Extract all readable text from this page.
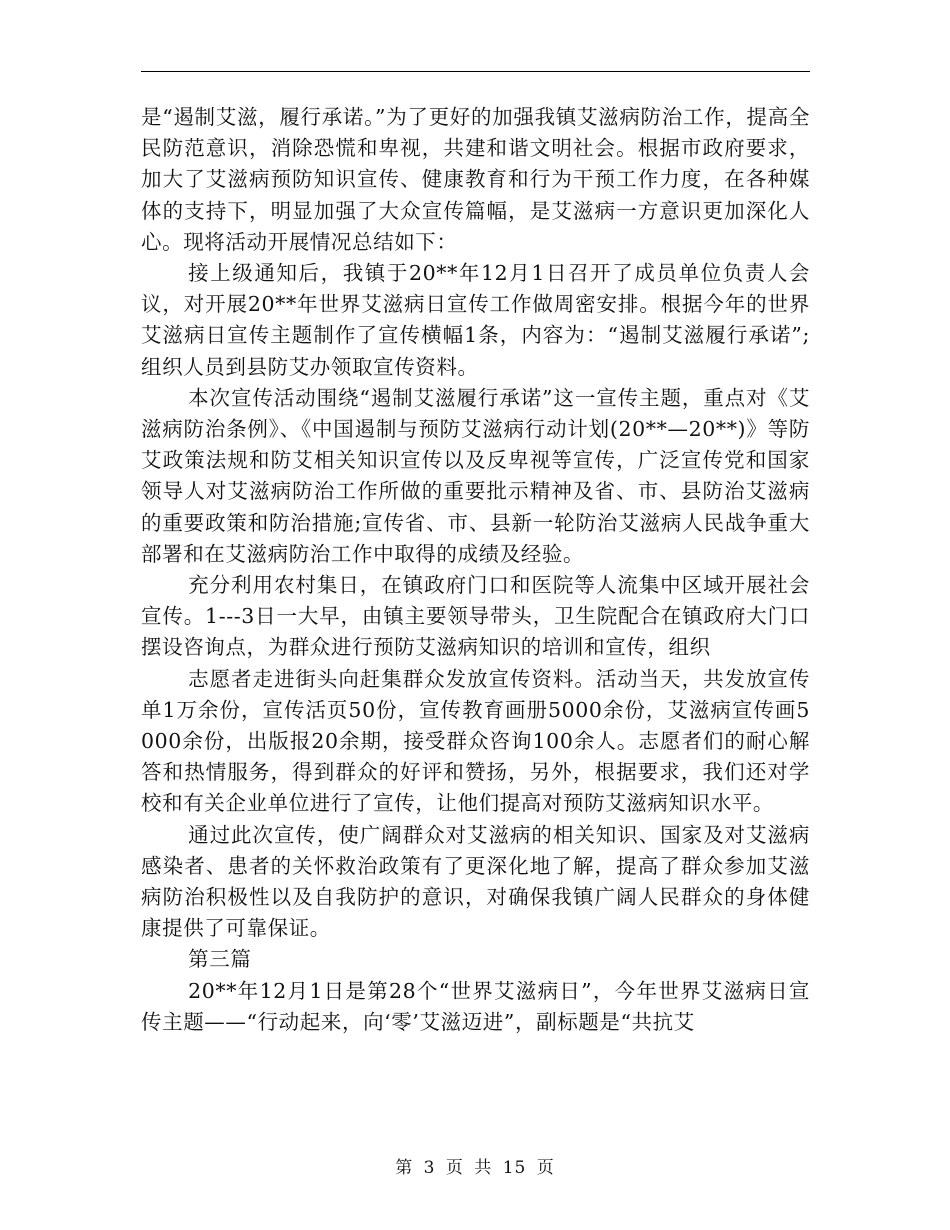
是“遏制艾滋，履行承诺。”为了更好的加强我镇艾滋病防治工作，提高全民防范意识，消除恐慌和卑视，共建和谐文明社会。根据市政府要求，加大了艾滋病预防知识宣传、健康教育和行为干预工作力度，在各种媒体的支持下，明显加强了大众宣传篇幅，是艾滋病一方意识更加深化人心。现将活动开展情况总结如下：

接上级通知后，我镇于20**年12月1日召开了成员单位负责人会议，对开展20**年世界艾滋病日宣传工作做周密安排。根据今年的世界艾滋病日宣传主题制作了宣传横幅1条，内容为：“遏制艾滋履行承诺”;组织人员到县防艾办领取宣传资料。

本次宣传活动围绕“遏制艾滋履行承诺”这一宣传主题，重点对《艾滋病防治条例》、《中国遏制与预防艾滋病行动计划(20**—20**)》等防艾政策法规和防艾相关知识宣传以及反卑视等宣传，广泛宣传党和国家领导人对艾滋病防治工作所做的重要批示精神及省、市、县防治艾滋病的重要政策和防治措施;宣传省、市、县新一轮防治艾滋病人民战争重大部署和在艾滋病防治工作中取得的成绩及经验。

充分利用农村集日，在镇政府门口和医院等人流集中区域开展社会宣传。1---3日一大早，由镇主要领导带头，卫生院配合在镇政府大门口摆设咨询点，为群众进行预防艾滋病知识的培训和宣传，组织

志愿者走进街头向赶集群众发放宣传资料。活动当天，共发放宣传单1万余份，宣传活页50份，宣传教育画册5000余份，艾滋病宣传画5000余份，出版报20余期，接受群众咨询100余人。志愿者们的耐心解答和热情服务，得到群众的好评和赞扬，另外，根据要求，我们还对学校和有关企业单位进行了宣传，让他们提高对预防艾滋病知识水平。

通过此次宣传，使广阔群众对艾滋病的相关知识、国家及对艾滋病感染者、患者的关怀救治政策有了更深化地了解，提高了群众参加艾滋病防治积极性以及自我防护的意识，对确保我镇广阔人民群众的身体健康提供了可靠保证。

第三篇

20**年12月1日是第28个“世界艾滋病日”，今年世界艾滋病日宣传主题——“行动起来，向‘零’艾滋迈进”，副标题是“共抗艾

第 3 页 共 15 页
